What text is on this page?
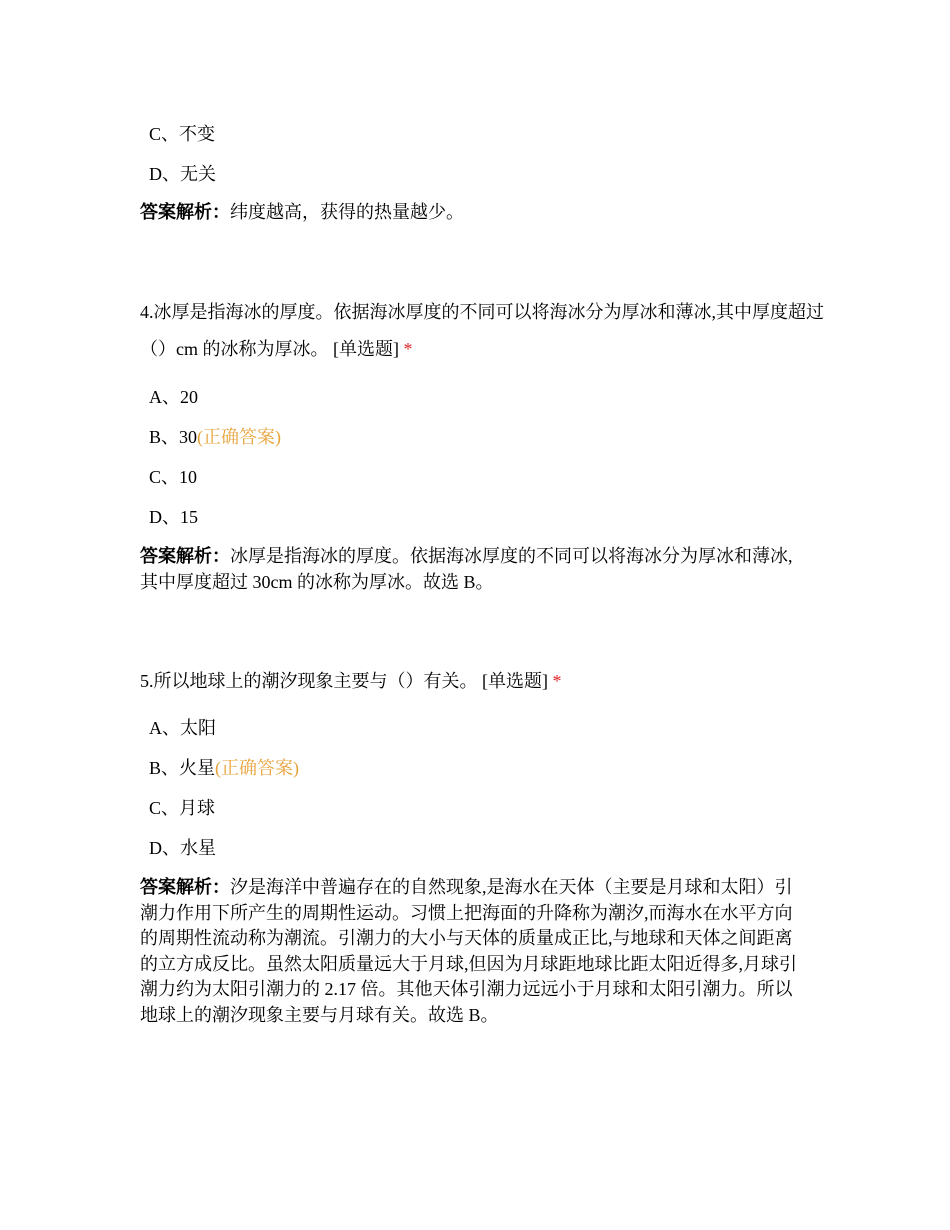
C、不变
D、无关
答案解析：纬度越高，获得的热量越少。
4.冰厚是指海冰的厚度。依据海冰厚度的不同可以将海冰分为厚冰和薄冰,其中厚度超过（）cm 的冰称为厚冰。 [单选题] *
A、20
B、30(正确答案)
C、10
D、15
答案解析：冰厚是指海冰的厚度。依据海冰厚度的不同可以将海冰分为厚冰和薄冰,其中厚度超过 30cm 的冰称为厚冰。故选 B。
5.所以地球上的潮汐现象主要与（）有关。 [单选题] *
A、太阳
B、火星(正确答案)
C、月球
D、水星
答案解析：汐是海洋中普遍存在的自然现象,是海水在天体（主要是月球和太阳）引潮力作用下所产生的周期性运动。习惯上把海面的升降称为潮汐,而海水在水平方向的周期性流动称为潮流。引潮力的大小与天体的质量成正比,与地球和天体之间距离的立方成反比。虽然太阳质量远大于月球,但因为月球距地球比距太阳近得多,月球引潮力约为太阳引潮力的 2.17 倍。其他天体引潮力远远小于月球和太阳引潮力。所以地球上的潮汐现象主要与月球有关。故选 B。
